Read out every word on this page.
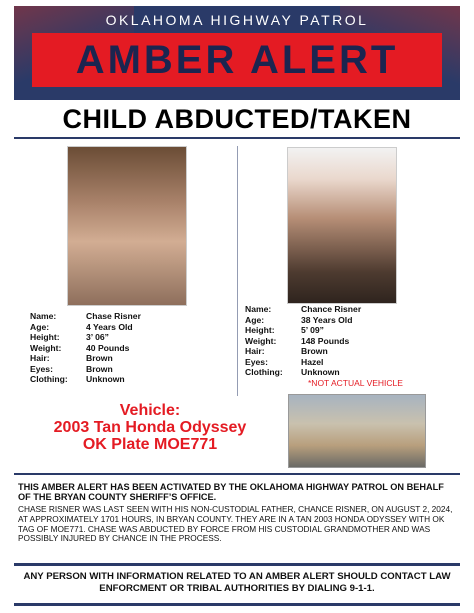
OKLAHOMA HIGHWAY PATROL
AMBER ALERT
CHILD ABDUCTED/TAKEN
Name:	Chase Risner
Age:	4 Years Old
Height:	3’ 06”
Weight:	40 Pounds
Hair:	Brown
Eyes:	Brown
Clothing:	Unknown
Name:	Chance Risner
Age:	38 Years Old
Height:	5’ 09”
Weight:	148 Pounds
Hair:	Brown
Eyes:	Hazel
Clothing:	Unknown
*NOT ACTUAL VEHICLE
Vehicle:
2003 Tan Honda Odyssey
OK Plate MOE771
THIS AMBER ALERT HAS BEEN ACTIVATED BY THE OKLAHOMA HIGHWAY PATROL ON BEHALF OF THE BRYAN COUNTY SHERIFF’S OFFICE.
CHASE RISNER WAS LAST SEEN WITH HIS NON-CUSTODIAL FATHER, CHANCE RISNER, ON AUGUST 2, 2024, AT APPROXIMATELY 1701 HOURS, IN BRYAN COUNTY. THEY ARE IN A TAN 2003 HONDA ODYSSEY WITH OK TAG OF MOE771. CHASE WAS ABDUCTED BY FORCE FROM HIS CUSTODIAL GRANDMOTHER AND WAS POSSIBLY INJURED BY CHANCE IN THE PROCESS.
ANY PERSON WITH INFORMATION RELATED TO AN AMBER ALERT SHOULD CONTACT LAW ENFORCMENT OR TRIBAL AUTHORITIES BY DIALING 9-1-1.
